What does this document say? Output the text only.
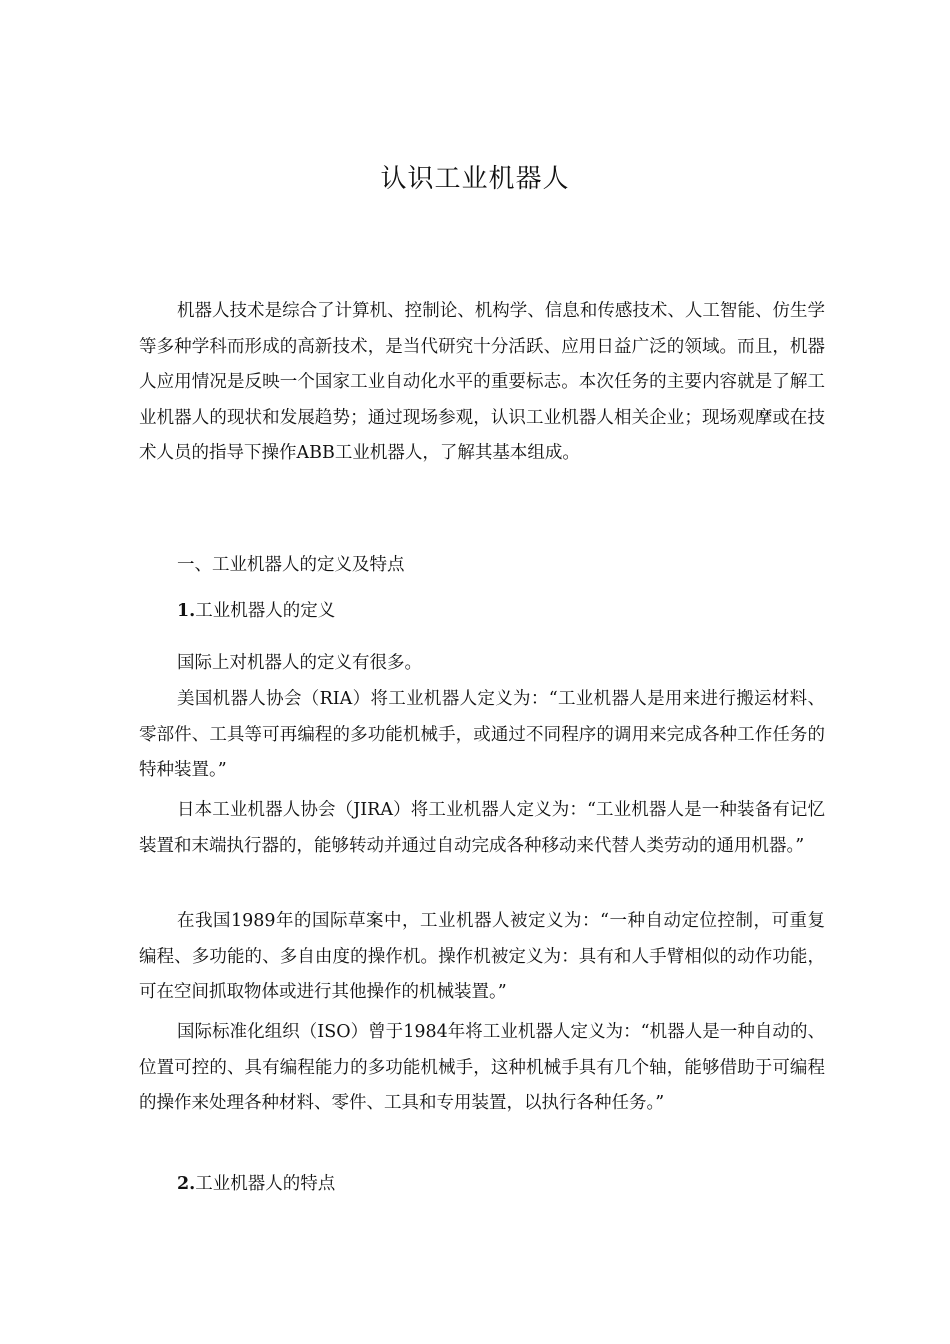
认识工业机器人

机器人技术是综合了计算机、控制论、机构学、信息和传感技术、人工智能、仿生学等多种学科而形成的高新技术，是当代研究十分活跃、应用日益广泛的领域。而且，机器人应用情况是反映一个国家工业自动化水平的重要标志。本次任务的主要内容就是了解工业机器人的现状和发展趋势；通过现场参观，认识工业机器人相关企业；现场观摩或在技术人员的指导下操作ABB工业机器人，了解其基本组成。

一、工业机器人的定义及特点

1.工业机器人的定义

国际上对机器人的定义有很多。

美国机器人协会（RIA）将工业机器人定义为：“工业机器人是用来进行搬运材料、零部件、工具等可再编程的多功能机械手，或通过不同程序的调用来完成各种工作任务的特种装置。”

日本工业机器人协会（JIRA）将工业机器人定义为：“工业机器人是一种装备有记忆装置和末端执行器的，能够转动并通过自动完成各种移动来代替人类劳动的通用机器。”

在我国1989年的国际草案中，工业机器人被定义为：“一种自动定位控制，可重复编程、多功能的、多自由度的操作机。操作机被定义为：具有和人手臂相似的动作功能，可在空间抓取物体或进行其他操作的机械装置。”

国际标准化组织（ISO）曾于1984年将工业机器人定义为：“机器人是一种自动的、位置可控的、具有编程能力的多功能机械手，这种机械手具有几个轴，能够借助于可编程的操作来处理各种材料、零件、工具和专用装置，以执行各种任务。”

2.工业机器人的特点
